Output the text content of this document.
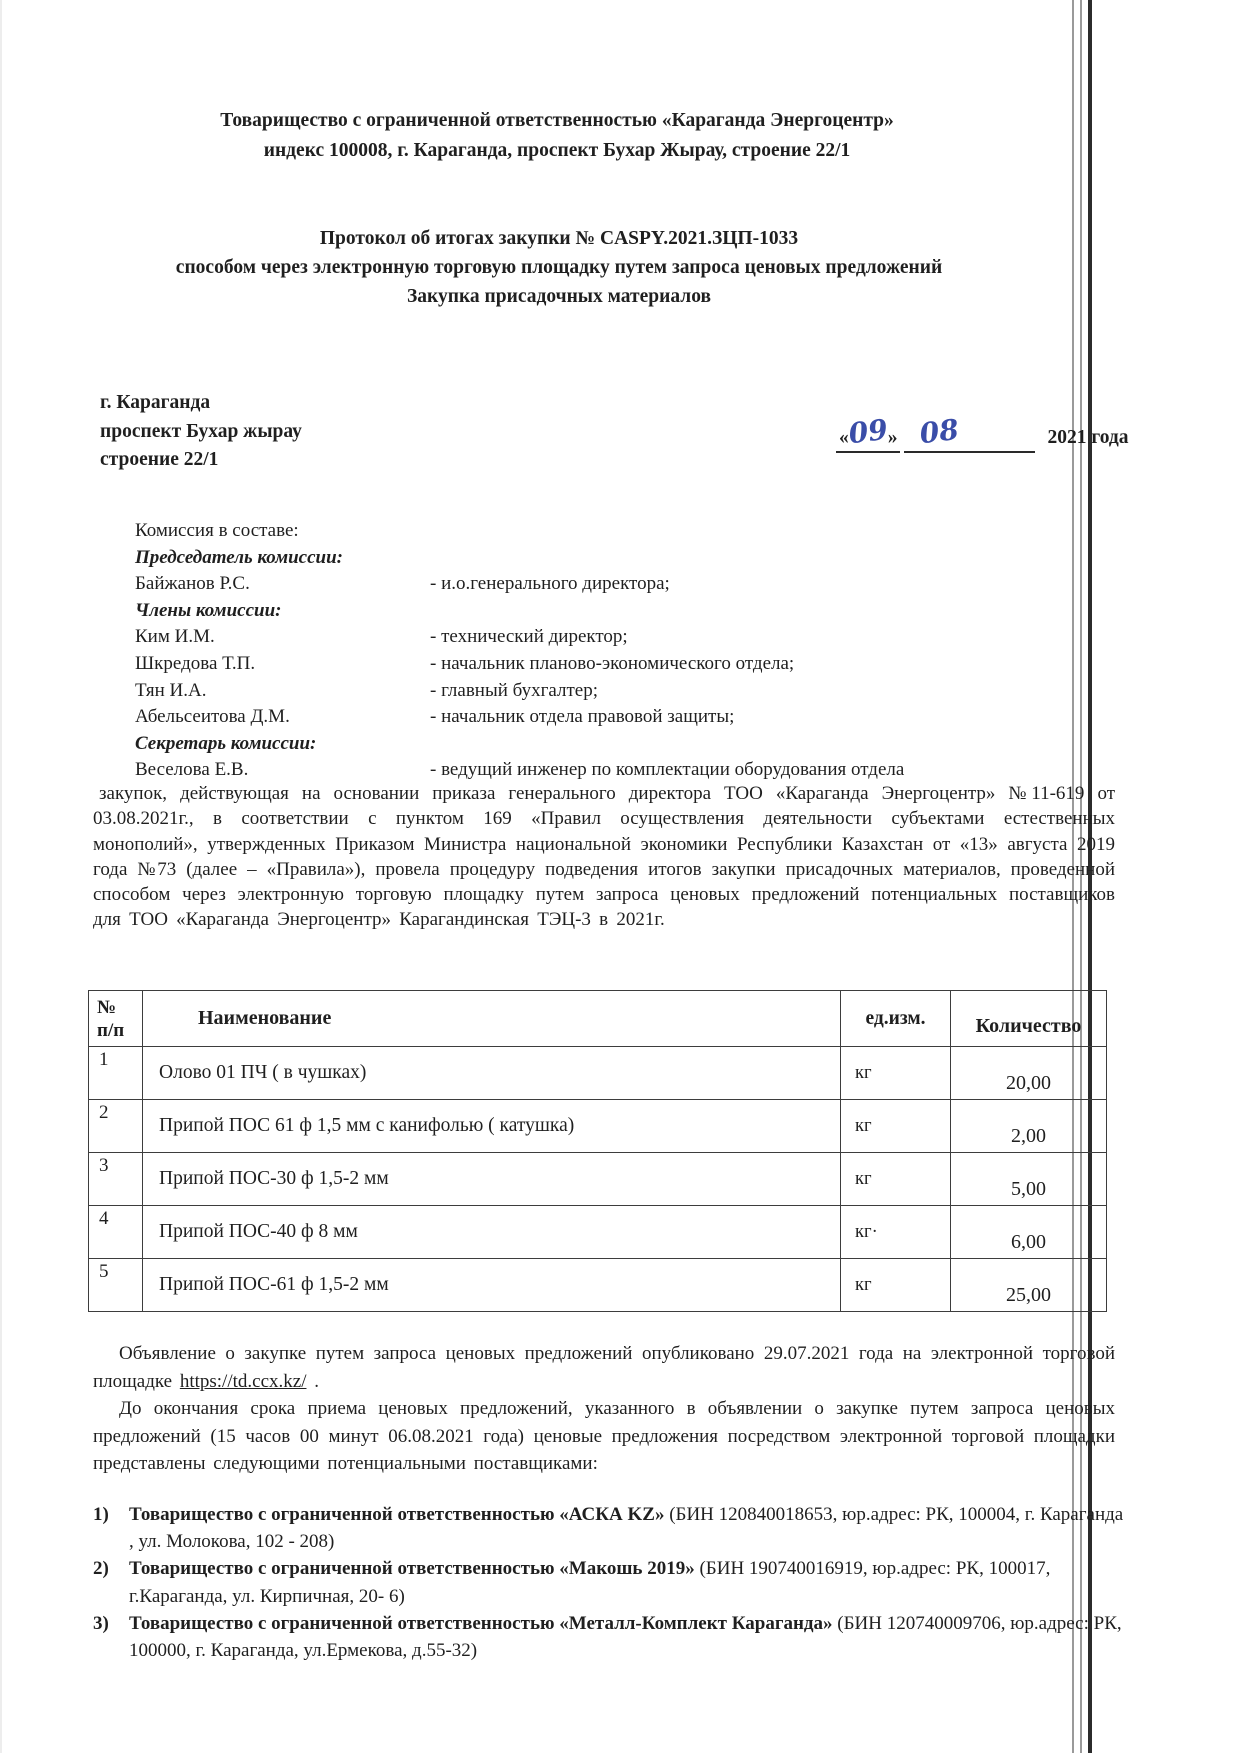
Товарищество с ограниченной ответственностью «Караганда Энергоцентр»
индекс 100008, г. Караганда, проспект Бухар Жырау, строение 22/1
Протокол об итогах закупки № CASPY.2021.ЗЦП-1033
способом через электронную торговую площадку путем запроса ценовых предложений
Закупка присадочных материалов
г. Караганда
проспект Бухар жырау
строение 22/1
«09» 08	2021 года
Комиссия в составе:
Председатель комиссии:
Байжанов Р.С.	- и.о.генерального директора;
Члены комиссии:
Ким И.М.	- технический директор;
Шкредова Т.П.	- начальник планово-экономического отдела;
Тян И.А.	- главный бухгалтер;
Абельсеитова Д.М.	- начальник отдела правовой защиты;
Секретарь комиссии:
Веселова Е.В.	- ведущий инженер по комплектации оборудования отдела

закупок, действующая на основании приказа генерального директора ТОО «Караганда Энергоцентр» №11-619 от 03.08.2021г., в соответствии с пунктом 169 «Правил осуществления деятельности субъектами естественных монополий», утвержденных Приказом Министра национальной экономики Республики Казахстан от «13» августа 2019 года №73 (далее – «Правила»), провела процедуру подведения итогов закупки присадочных материалов, проведенной способом через электронную торговую площадку путем запроса ценовых предложений потенциальных поставщиков для ТОО «Караганда Энергоцентр» Карагандинская ТЭЦ-3 в 2021г.

№
п/п	Наименование	ед.изм.	Количество
1	Олово 01 ПЧ ( в чушках)	кг	20,00
2	Припой ПОС 61 ф 1,5 мм с канифолью ( катушка)	кг	2,00
3	Припой ПОС-30 ф 1,5-2 мм	кг	5,00
4	Припой ПОС-40 ф 8 мм	кг·	6,00
5	Припой ПОС-61 ф 1,5-2 мм	кг	25,00

Объявление о закупке путем запроса ценовых предложений опубликовано 29.07.2021 года на электронной торговой площадке https://td.ccx.kz/ .

До окончания срока приема ценовых предложений, указанного в объявлении о закупке путем запроса ценовых предложений (15 часов 00 минут 06.08.2021 года) ценовые предложения посредством электронной торговой площадки представлены следующими потенциальными поставщиками:

1) Товарищество с ограниченной ответственностью «АСКА KZ» (БИН 120840018653, юр.адрес: РК, 100004, г. Караганда , ул. Молокова, 102 - 208)
2) Товарищество с ограниченной ответственностью «Макошь 2019» (БИН 190740016919, юр.адрес: РК, 100017, г.Караганда, ул. Кирпичная, 20- 6)
3) Товарищество с ограниченной ответственностью «Металл-Комплект Караганда» (БИН 120740009706, юр.адрес: РК, 100000, г. Караганда, ул.Ермекова, д.55-32)
